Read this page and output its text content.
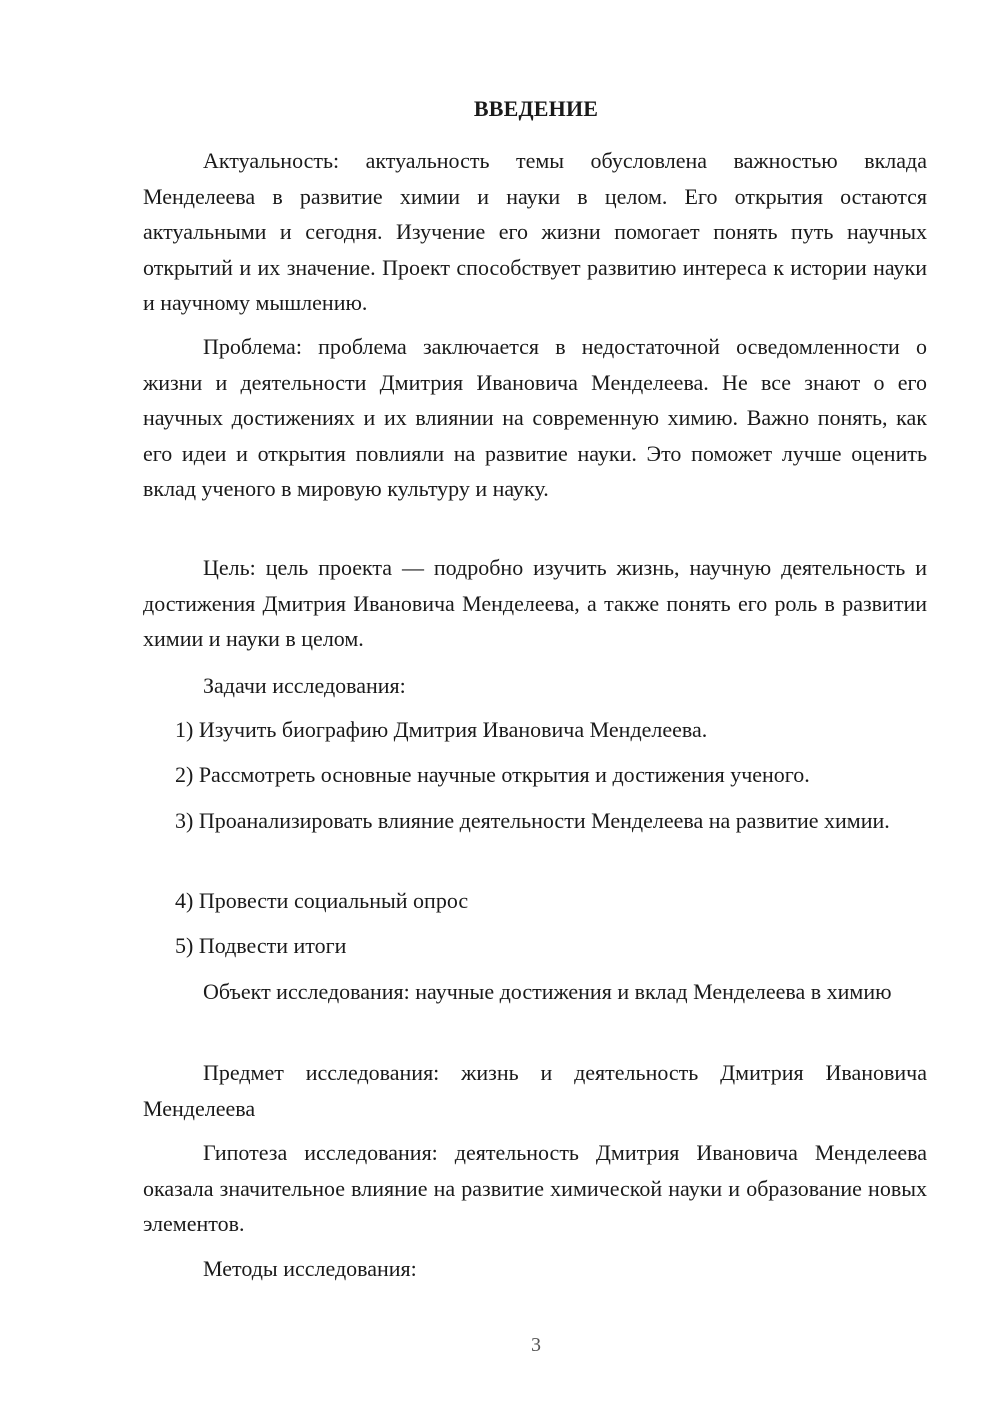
ВВЕДЕНИЕ

Актуальность: актуальность темы обусловлена важностью вклада Менделеева в развитие химии и науки в целом. Его открытия остаются актуальными и сегодня. Изучение его жизни помогает понять путь научных открытий и их значение. Проект способствует развитию интереса к истории науки и научному мышлению.

Проблема: проблема заключается в недостаточной осведомленности о жизни и деятельности Дмитрия Ивановича Менделеева. Не все знают о его научных достижениях и их влиянии на современную химию. Важно понять, как его идеи и открытия повлияли на развитие науки. Это поможет лучше оценить вклад ученого в мировую культуру и науку.

Цель: цель проекта — подробно изучить жизнь, научную деятельность и достижения Дмитрия Ивановича Менделеева, а также понять его роль в развитии химии и науки в целом.

Задачи исследования:

1) Изучить биографию Дмитрия Ивановича Менделеева.

2) Рассмотреть основные научные открытия и достижения ученого.

3) Проанализировать влияние деятельности Менделеева на развитие химии.

4) Провести социальный опрос

5) Подвести итоги

Объект исследования: научные достижения и вклад Менделеева в химию

Предмет исследования: жизнь и деятельность Дмитрия Ивановича Менделеева

Гипотеза исследования: деятельность Дмитрия Ивановича Менделеева оказала значительное влияние на развитие химической науки и образование новых элементов.

Методы исследования:

3
